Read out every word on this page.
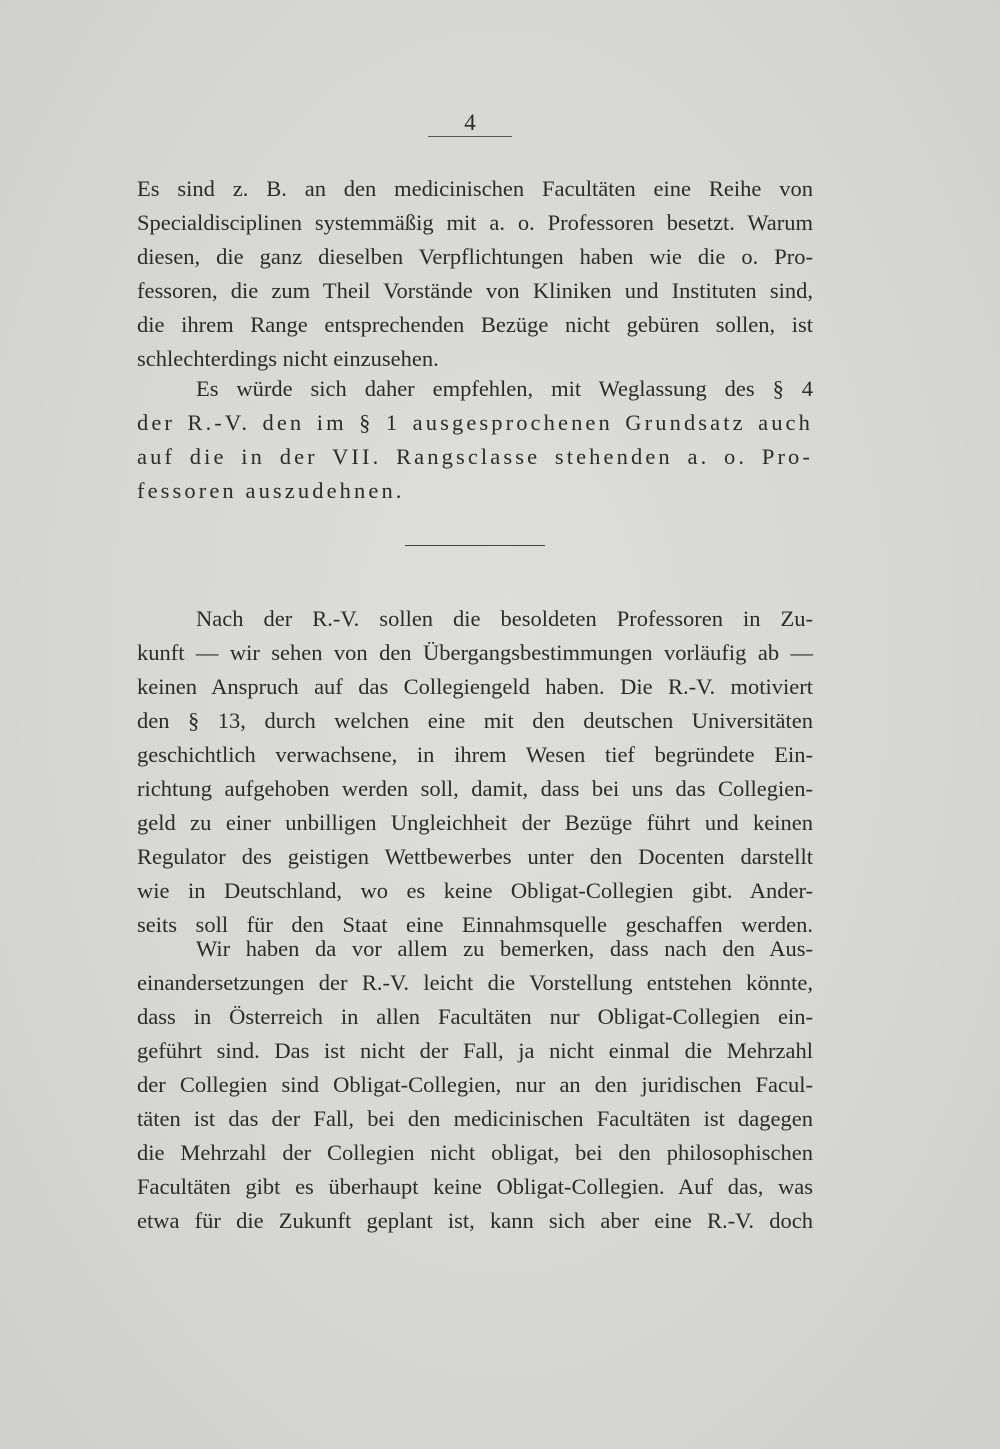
4
Es sind z. B. an den medicinischen Facultäten eine Reihe von
Specialdisciplinen systemmäßig mit a. o. Professoren besetzt. Warum
diesen, die ganz dieselben Verpflichtungen haben wie die o. Pro-
fessoren, die zum Theil Vorstände von Kliniken und Instituten sind,
die ihrem Range entsprechenden Bezüge nicht gebüren sollen, ist
schlechterdings nicht einzusehen.
Es würde sich daher empfehlen, mit Weglassung des § 4
der R.-V. den im § 1 ausgesprochenen Grundsatz auch
auf die in der VII. Rangsclasse stehenden a. o. Pro-
fessoren auszudehnen.
Nach der R.-V. sollen die besoldeten Professoren in Zu-
kunft — wir sehen von den Übergangsbestimmungen vorläufig ab —
keinen Anspruch auf das Collegiengeld haben. Die R.-V. motiviert
den § 13, durch welchen eine mit den deutschen Universitäten
geschichtlich verwachsene, in ihrem Wesen tief begründete Ein-
richtung aufgehoben werden soll, damit, dass bei uns das Collegien-
geld zu einer unbilligen Ungleichheit der Bezüge führt und keinen
Regulator des geistigen Wettbewerbes unter den Docenten darstellt
wie in Deutschland, wo es keine Obligat-Collegien gibt. Ander-
seits soll für den Staat eine Einnahmsquelle geschaffen werden.
Wir haben da vor allem zu bemerken, dass nach den Aus-
einandersetzungen der R.-V. leicht die Vorstellung entstehen könnte,
dass in Österreich in allen Facultäten nur Obligat-Collegien ein-
geführt sind. Das ist nicht der Fall, ja nicht einmal die Mehrzahl
der Collegien sind Obligat-Collegien, nur an den juridischen Facul-
täten ist das der Fall, bei den medicinischen Facultäten ist dagegen
die Mehrzahl der Collegien nicht obligat, bei den philosophischen
Facultäten gibt es überhaupt keine Obligat-Collegien. Auf das, was
etwa für die Zukunft geplant ist, kann sich aber eine R.-V. doch
